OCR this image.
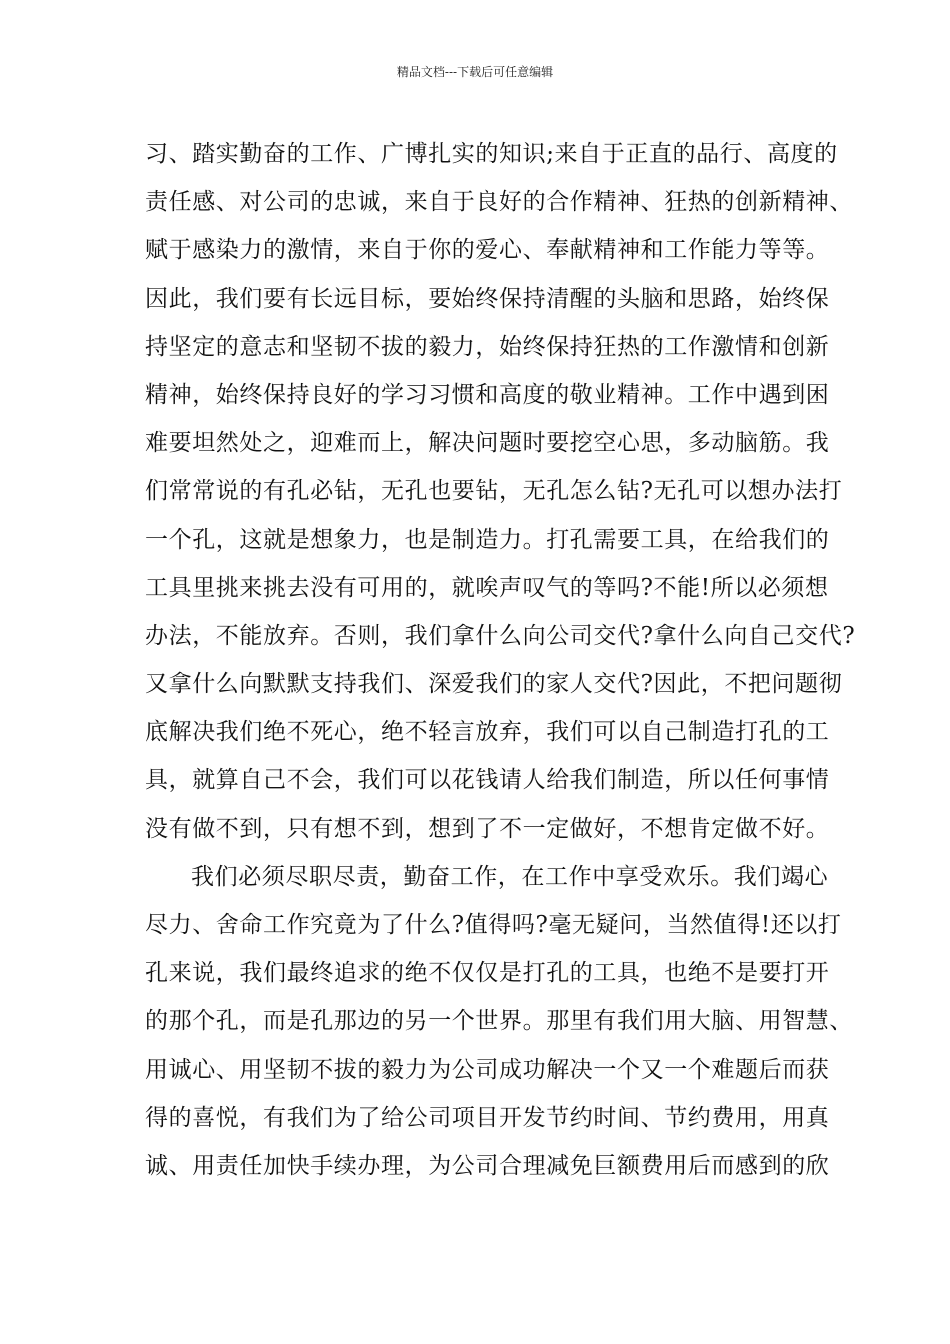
精品文档---下载后可任意编辑
习、踏实勤奋的工作、广博扎实的知识;来自于正直的品行、高度的
责任感、对公司的忠诚，来自于良好的合作精神、狂热的创新精神、
赋于感染力的激情，来自于你的爱心、奉献精神和工作能力等等。
因此，我们要有长远目标，要始终保持清醒的头脑和思路，始终保
持坚定的意志和坚韧不拔的毅力，始终保持狂热的工作激情和创新
精神，始终保持良好的学习习惯和高度的敬业精神。工作中遇到困
难要坦然处之，迎难而上，解决问题时要挖空心思，多动脑筋。我
们常常说的有孔必钻，无孔也要钻，无孔怎么钻?无孔可以想办法打
一个孔，这就是想象力，也是制造力。打孔需要工具，在给我们的
工具里挑来挑去没有可用的，就唉声叹气的等吗?不能!所以必须想
办法，不能放弃。否则，我们拿什么向公司交代?拿什么向自己交代?
又拿什么向默默支持我们、深爱我们的家人交代?因此，不把问题彻
底解决我们绝不死心，绝不轻言放弃，我们可以自己制造打孔的工
具，就算自己不会，我们可以花钱请人给我们制造，所以任何事情
没有做不到，只有想不到，想到了不一定做好，不想肯定做不好。
我们必须尽职尽责，勤奋工作，在工作中享受欢乐。我们竭心
尽力、舍命工作究竟为了什么?值得吗?毫无疑问，当然值得!还以打
孔来说，我们最终追求的绝不仅仅是打孔的工具，也绝不是要打开
的那个孔，而是孔那边的另一个世界。那里有我们用大脑、用智慧、
用诚心、用坚韧不拔的毅力为公司成功解决一个又一个难题后而获
得的喜悦，有我们为了给公司项目开发节约时间、节约费用，用真
诚、用责任加快手续办理，为公司合理减免巨额费用后而感到的欣
